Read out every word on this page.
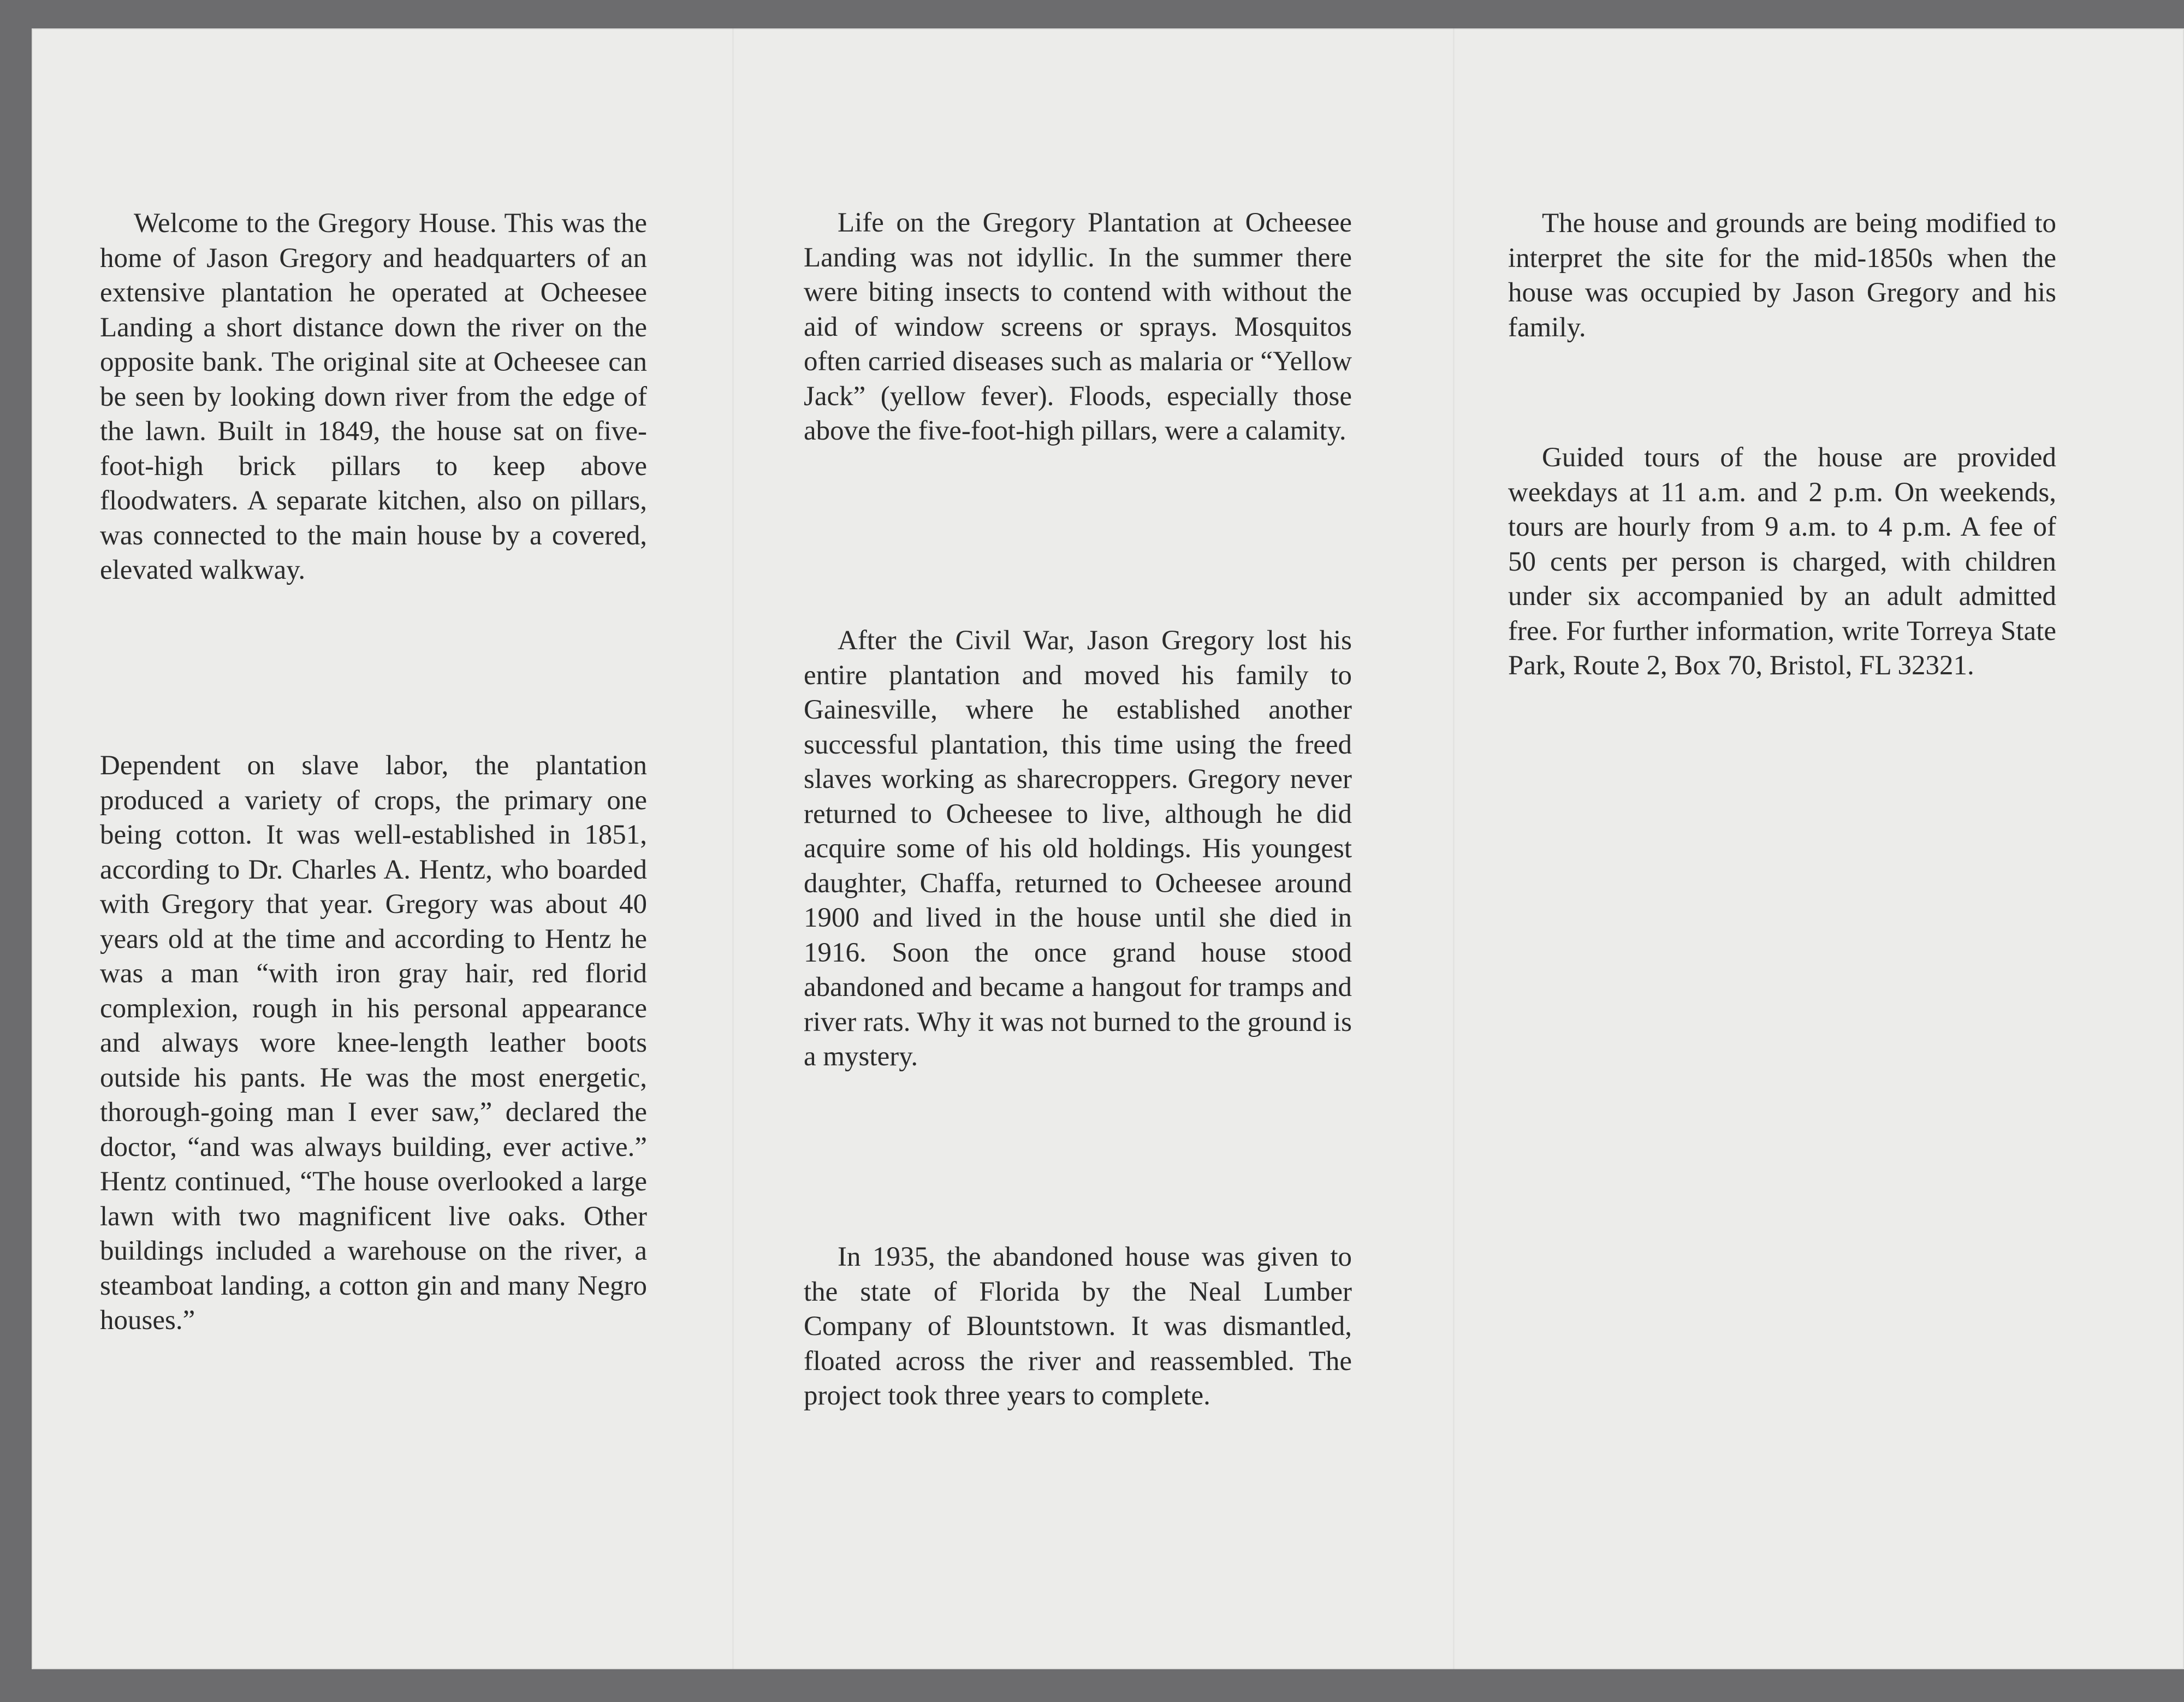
Welcome to the Gregory House. This was the home of Jason Gregory and headquarters of an extensive plantation he operated at Ocheesee Landing a short distance down the river on the opposite bank. The original site at Ocheesee can be seen by looking down river from the edge of the lawn. Built in 1849, the house sat on five-foot-high brick pillars to keep above floodwaters. A separate kitchen, also on pillars, was connected to the main house by a covered, elevated walkway.

Dependent on slave labor, the plantation produced a variety of crops, the primary one being cotton. It was well-established in 1851, according to Dr. Charles A. Hentz, who boarded with Gregory that year. Gregory was about 40 years old at the time and according to Hentz he was a man “with iron gray hair, red florid complexion, rough in his personal appearance and always wore knee-length leather boots outside his pants. He was the most energetic, thorough-going man I ever saw,” declared the doctor, “and was always building, ever active.” Hentz continued, “The house overlooked a large lawn with two magnificent live oaks. Other buildings included a warehouse on the river, a steamboat landing, a cotton gin and many Negro houses.”

Life on the Gregory Plantation at Ocheesee Landing was not idyllic. In the summer there were biting insects to contend with without the aid of window screens or sprays. Mosquitos often carried diseases such as malaria or “Yellow Jack” (yellow fever). Floods, especially those above the five-foot-high pillars, were a calamity.

After the Civil War, Jason Gregory lost his entire plantation and moved his family to Gainesville, where he established another successful plantation, this time using the freed slaves working as sharecroppers. Gregory never returned to Ocheesee to live, although he did acquire some of his old holdings. His youngest daughter, Chaffa, returned to Ocheesee around 1900 and lived in the house until she died in 1916. Soon the once grand house stood abandoned and became a hangout for tramps and river rats. Why it was not burned to the ground is a mystery.

In 1935, the abandoned house was given to the state of Florida by the Neal Lumber Company of Blountstown. It was dismantled, floated across the river and reassembled. The project took three years to complete.

The house and grounds are being modified to interpret the site for the mid-1850s when the house was occupied by Jason Gregory and his family.

Guided tours of the house are provided weekdays at 11 a.m. and 2 p.m. On weekends, tours are hourly from 9 a.m. to 4 p.m. A fee of 50 cents per person is charged, with children under six accompanied by an adult admitted free. For further information, write Torreya State Park, Route 2, Box 70, Bristol, FL 32321.
